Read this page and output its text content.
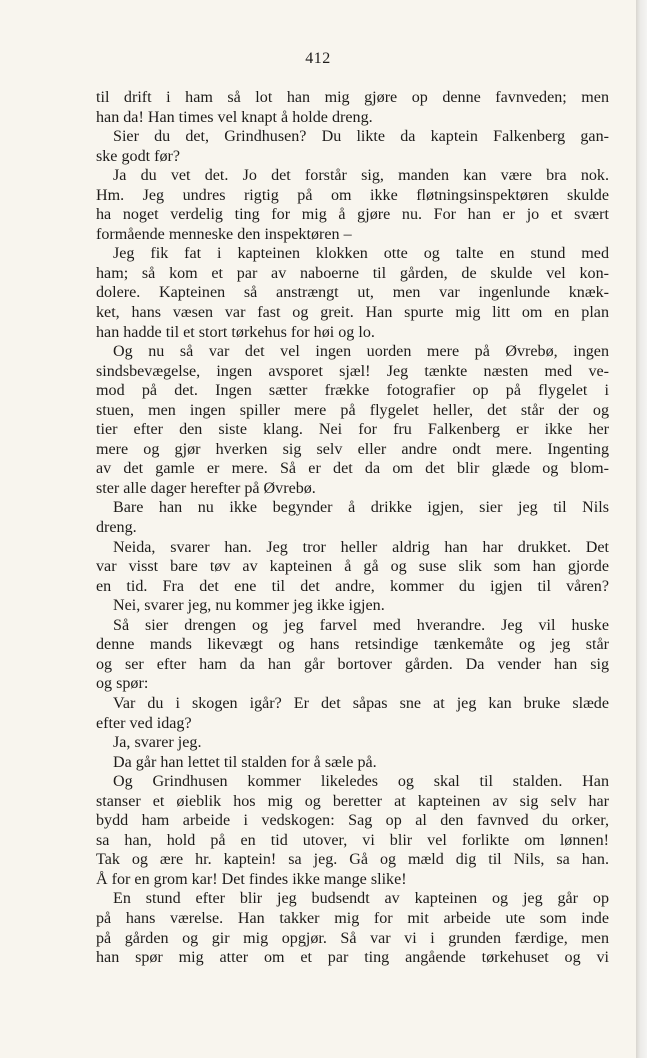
412
til drift i ham så lot han mig gjøre op denne favnveden; men
han da! Han times vel knapt å holde dreng.
Sier du det, Grindhusen? Du likte da kaptein Falkenberg gan-
ske godt før?
Ja du vet det. Jo det forstår sig, manden kan være bra nok.
Hm. Jeg undres rigtig på om ikke fløtningsinspektøren skulde
ha noget verdelig ting for mig å gjøre nu. For han er jo et svært
formående menneske den inspektøren –
Jeg fik fat i kapteinen klokken otte og talte en stund med
ham; så kom et par av naboerne til gården, de skulde vel kon-
dolere. Kapteinen så anstrængt ut, men var ingenlunde knæk-
ket, hans væsen var fast og greit. Han spurte mig litt om en plan
han hadde til et stort tørkehus for høi og lo.
Og nu så var det vel ingen uorden mere på Øvrebø, ingen
sindsbevægelse, ingen avsporet sjæl! Jeg tænkte næsten med ve-
mod på det. Ingen sætter frække fotografier op på flygelet i
stuen, men ingen spiller mere på flygelet heller, det står der og
tier efter den siste klang. Nei for fru Falkenberg er ikke her
mere og gjør hverken sig selv eller andre ondt mere. Ingenting
av det gamle er mere. Så er det da om det blir glæde og blom-
ster alle dager herefter på Øvrebø.
Bare han nu ikke begynder å drikke igjen, sier jeg til Nils
dreng.
Neida, svarer han. Jeg tror heller aldrig han har drukket. Det
var visst bare tøv av kapteinen å gå og suse slik som han gjorde
en tid. Fra det ene til det andre, kommer du igjen til våren?
Nei, svarer jeg, nu kommer jeg ikke igjen.
Så sier drengen og jeg farvel med hverandre. Jeg vil huske
denne mands likevægt og hans retsindige tænkemåte og jeg står
og ser efter ham da han går bortover gården. Da vender han sig
og spør:
Var du i skogen igår? Er det såpas sne at jeg kan bruke slæde
efter ved idag?
Ja, svarer jeg.
Da går han lettet til stalden for å sæle på.
Og Grindhusen kommer likeledes og skal til stalden. Han
stanser et øieblik hos mig og beretter at kapteinen av sig selv har
bydd ham arbeide i vedskogen: Sag op al den favnved du orker,
sa han, hold på en tid utover, vi blir vel forlikte om lønnen!
Tak og ære hr. kaptein! sa jeg. Gå og mæld dig til Nils, sa han.
Å for en grom kar! Det findes ikke mange slike!
En stund efter blir jeg budsendt av kapteinen og jeg går op
på hans værelse. Han takker mig for mit arbeide ute som inde
på gården og gir mig opgjør. Så var vi i grunden færdige, men
han spør mig atter om et par ting angående tørkehuset og vi
